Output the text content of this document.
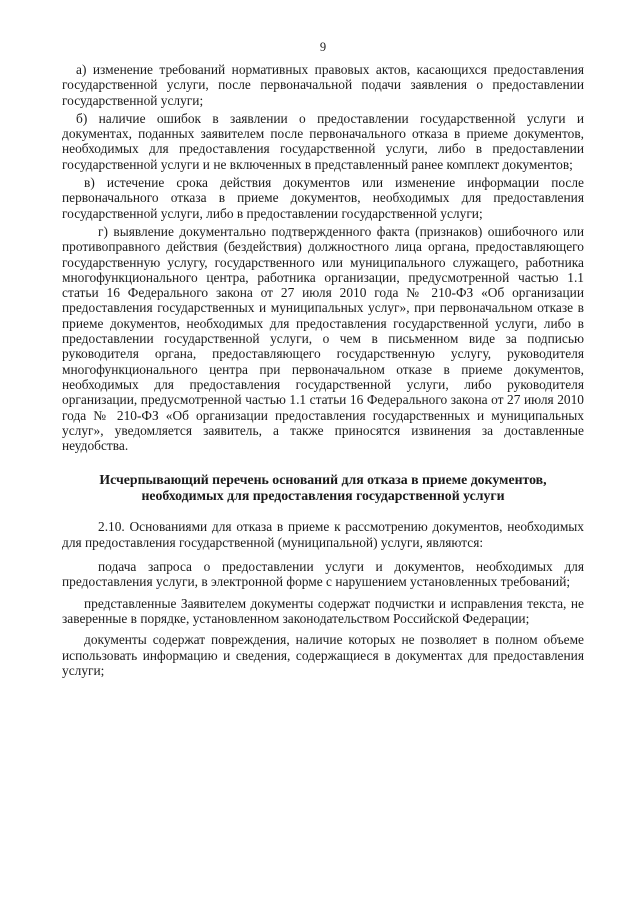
9

а) изменение требований нормативных правовых актов, касающихся предоставления государственной услуги, после первоначальной подачи заявления о предоставлении государственной услуги;

б) наличие ошибок в заявлении о предоставлении государственной услуги и документах, поданных заявителем после первоначального отказа в приеме документов, необходимых для предоставления государственной услуги, либо в предоставлении государственной услуги и не включенных в представленный ранее комплект документов;

в) истечение срока действия документов или изменение информации после первоначального отказа в приеме документов, необходимых для предоставления государственной услуги, либо в предоставлении государственной услуги;

г) выявление документально подтвержденного факта (признаков) ошибочного или противоправного действия (бездействия) должностного лица органа, предоставляющего государственную услугу, государственного или муниципального служащего, работника многофункционального центра, работника организации, предусмотренной частью 1.1 статьи 16 Федерального закона от 27 июля 2010 года № 210-ФЗ «Об организации предоставления государственных и муниципальных услуг», при первоначальном отказе в приеме документов, необходимых для предоставления государственной услуги, либо в предоставлении государственной услуги, о чем в письменном виде за подписью руководителя органа, предоставляющего государственную услугу, руководителя многофункционального центра при первоначальном отказе в приеме документов, необходимых для предоставления государственной услуги, либо руководителя организации, предусмотренной частью 1.1 статьи 16 Федерального закона от 27 июля 2010 года № 210-ФЗ «Об организации предоставления государственных и муниципальных услуг», уведомляется заявитель, а также приносятся извинения за доставленные неудобства.

Исчерпывающий перечень оснований для отказа в приеме документов, необходимых для предоставления государственной услуги

2.10. Основаниями для отказа в приеме к рассмотрению документов, необходимых для предоставления государственной (муниципальной) услуги, являются:

подача запроса о предоставлении услуги и документов, необходимых для предоставления услуги, в электронной форме с нарушением установленных требований;

представленные Заявителем документы содержат подчистки и исправления текста, не заверенные в порядке, установленном законодательством Российской Федерации;

документы содержат повреждения, наличие которых не позволяет в полном объеме использовать информацию и сведения, содержащиеся в документах для предоставления услуги;
